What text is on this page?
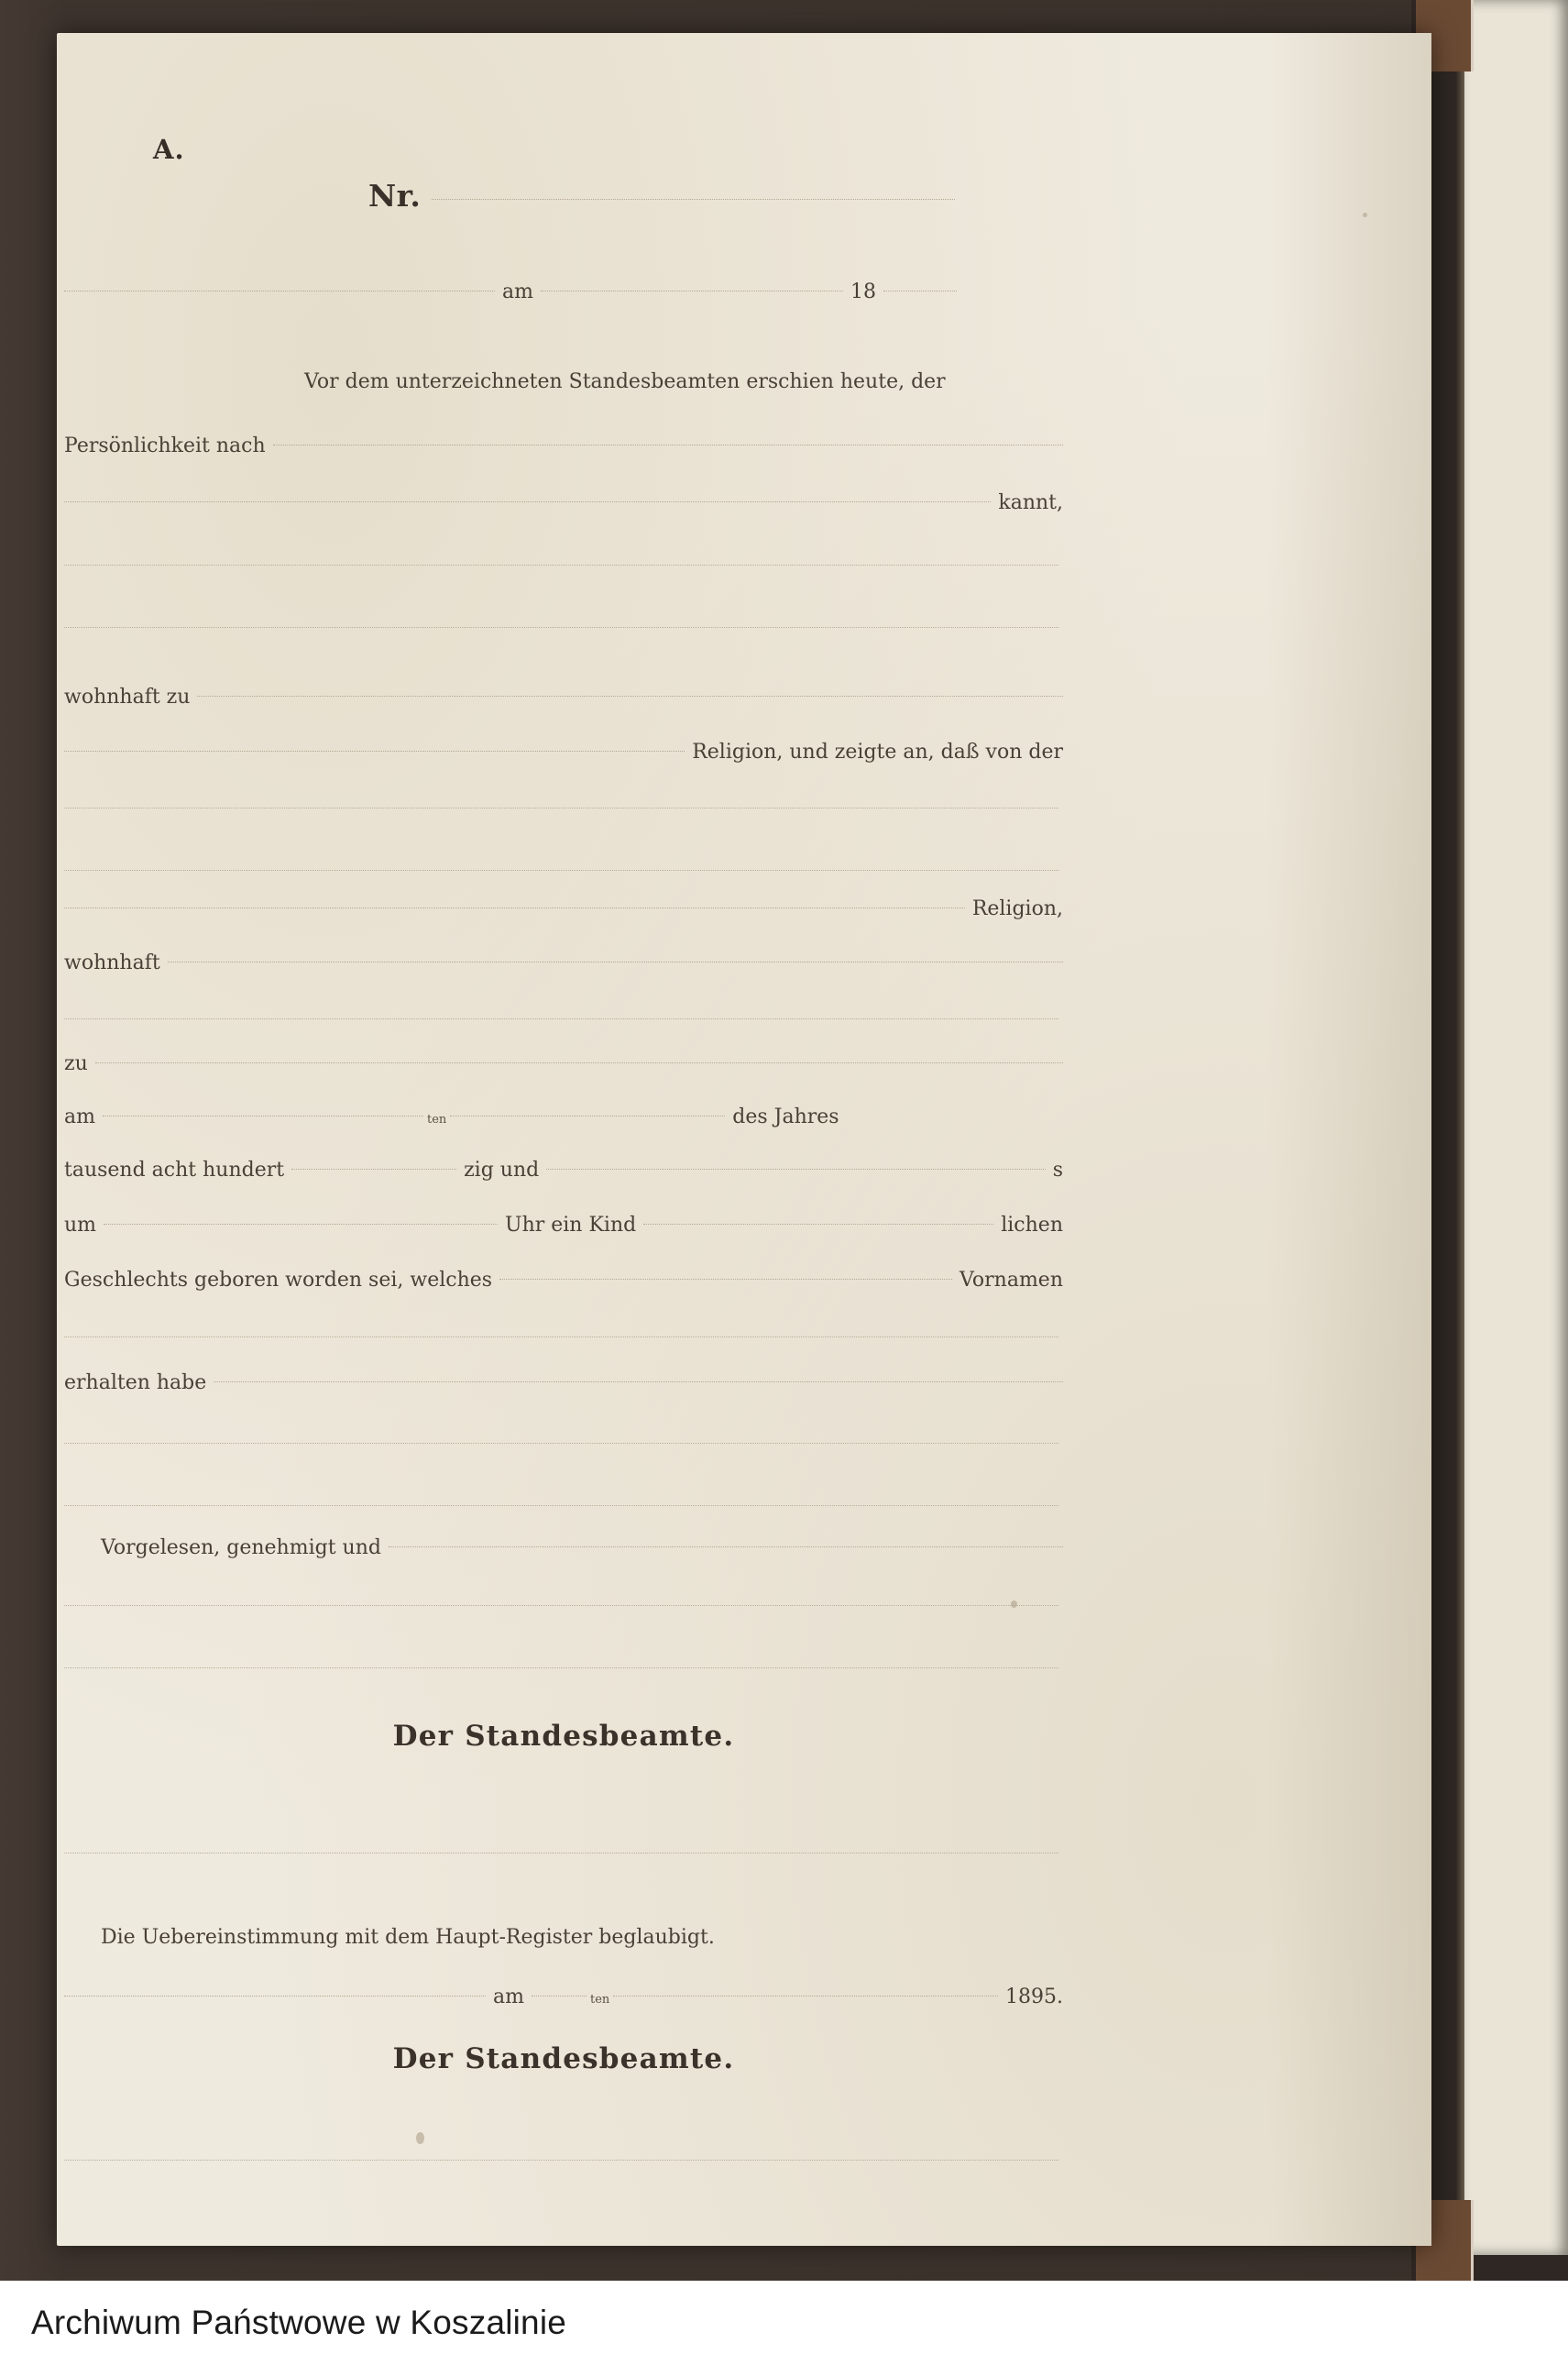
A.
Nr.
am	18
Vor dem unterzeichneten Standesbeamten erschien heute, der
Persönlichkeit nach
kannt,
wohnhaft zu
Religion, und zeigte an, daß von der
Religion,
wohnhaft
zu
am	ten	des Jahres
tausend acht hundert	zig und	s
um	Uhr ein Kind	lichen
Geschlechts geboren worden sei, welches	Vornamen
erhalten habe
Vorgelesen, genehmigt und
Der Standesbeamte.
Die Uebereinstimmung mit dem Haupt-Register beglaubigt.
am	ten	1895.
Der Standesbeamte.
Archiwum Państwowe w Koszalinie
